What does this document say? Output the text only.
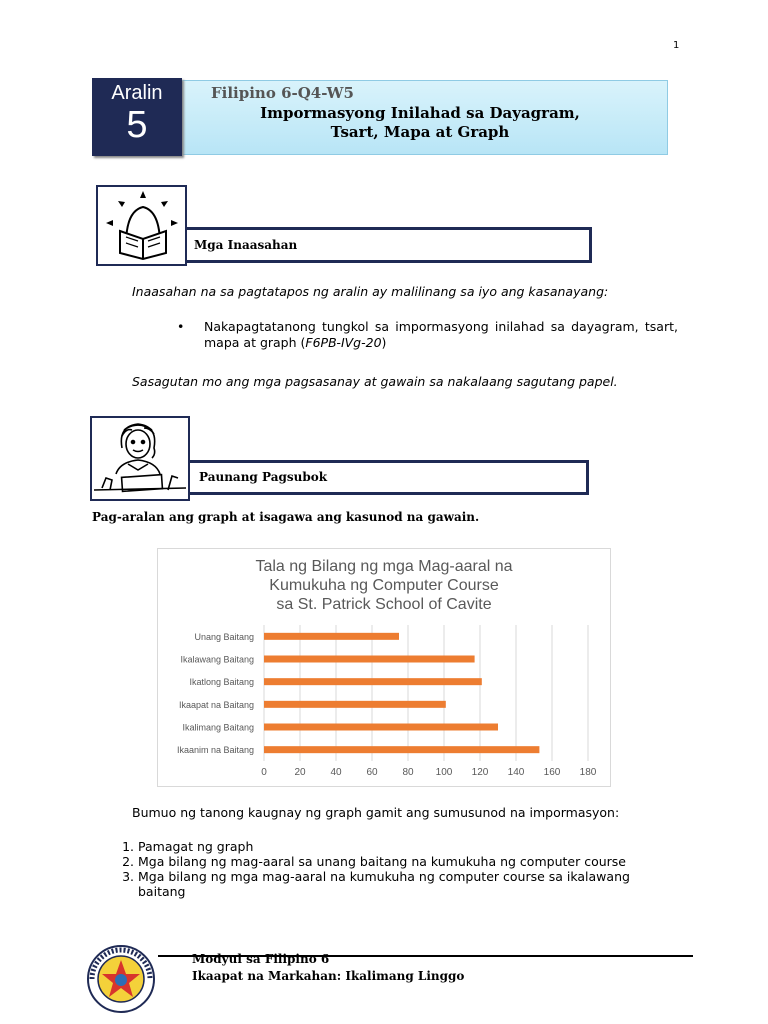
1
Aralin
5
Filipino 6-Q4-W5
Impormasyong Inilahad sa Dayagram,
Tsart, Mapa at Graph
Mga Inaasahan
Inaasahan na sa pagtatapos ng aralin ay malilinang sa iyo ang kasanayang:
• Nakapagtatanong tungkol sa impormasyong inilahad sa dayagram, tsart, mapa at graph (F6PB-IVg-20)
Sasagutan mo ang mga pagsasanay at gawain sa nakalaang sagutang papel.
Paunang Pagsubok
Pag-aralan ang graph at isagawa ang kasunod na gawain.
Tala ng Bilang ng mga Mag-aaral na
Kumukuha ng Computer Course
sa St. Patrick School of Cavite
0	20 40 60 80 100 120 140 160 180
Unang Baitang
Ikalawang Baitang
Ikatlong Baitang
Ikaapat na Baitang
Ikalimang Baitang
Ikaanim na Baitang
Bumuo ng tanong kaugnay ng graph gamit ang sumusunod na impormasyon:
1. Pamagat ng graph
2. Mga bilang ng mag-aaral sa unang baitang na kumukuha ng computer course
3. Mga bilang ng mga mag-aaral na kumukuha ng computer course sa ikalawang baitang
Modyul sa Filipino 6
Ikaapat na Markahan: Ikalimang Linggo
